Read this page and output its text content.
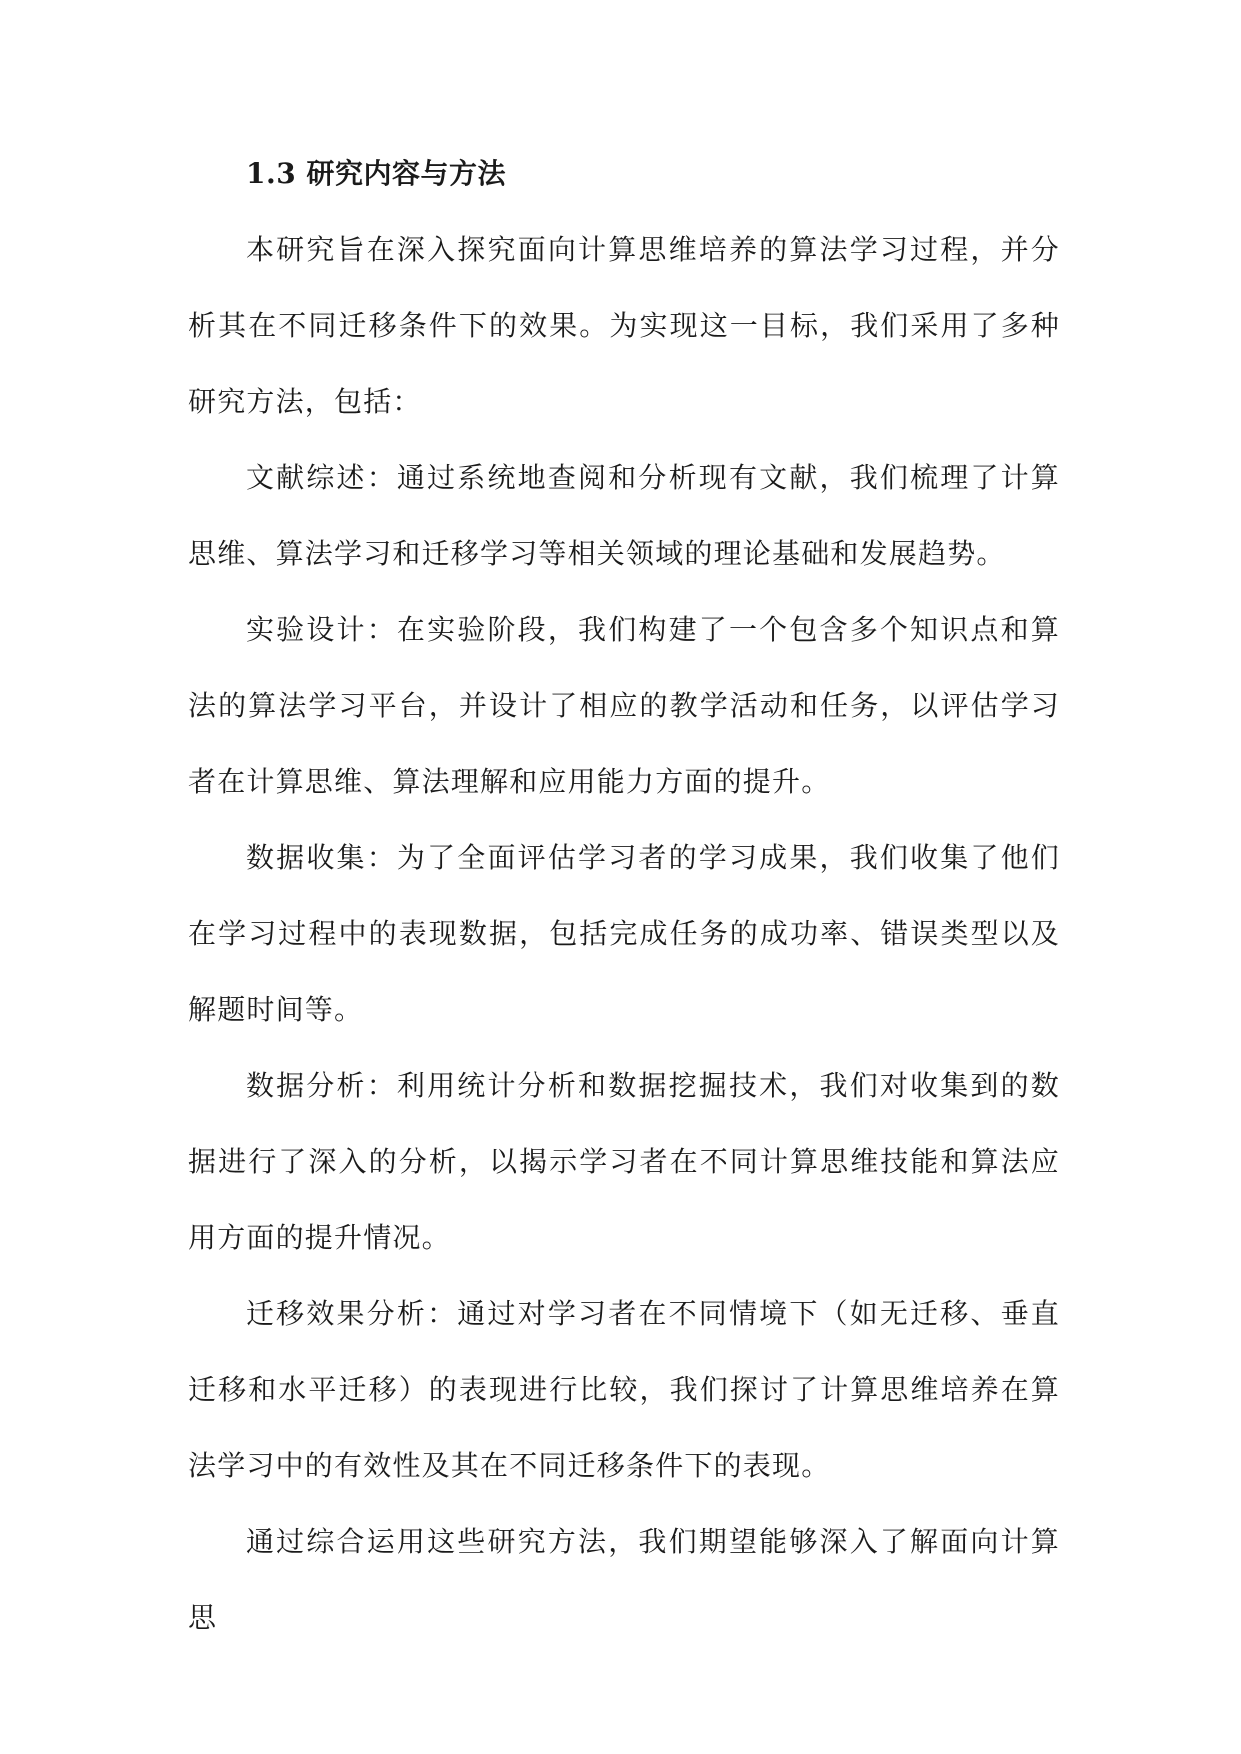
1.3 研究内容与方法

本研究旨在深入探究面向计算思维培养的算法学习过程，并分析其在不同迁移条件下的效果。为实现这一目标，我们采用了多种研究方法，包括：

文献综述：通过系统地查阅和分析现有文献，我们梳理了计算思维、算法学习和迁移学习等相关领域的理论基础和发展趋势。

实验设计：在实验阶段，我们构建了一个包含多个知识点和算法的算法学习平台，并设计了相应的教学活动和任务，以评估学习者在计算思维、算法理解和应用能力方面的提升。

数据收集：为了全面评估学习者的学习成果，我们收集了他们在学习过程中的表现数据，包括完成任务的成功率、错误类型以及解题时间等。

数据分析：利用统计分析和数据挖掘技术，我们对收集到的数据进行了深入的分析，以揭示学习者在不同计算思维技能和算法应用方面的提升情况。

迁移效果分析：通过对学习者在不同情境下（如无迁移、垂直迁移和水平迁移）的表现进行比较，我们探讨了计算思维培养在算法学习中的有效性及其在不同迁移条件下的表现。

通过综合运用这些研究方法，我们期望能够深入了解面向计算思
